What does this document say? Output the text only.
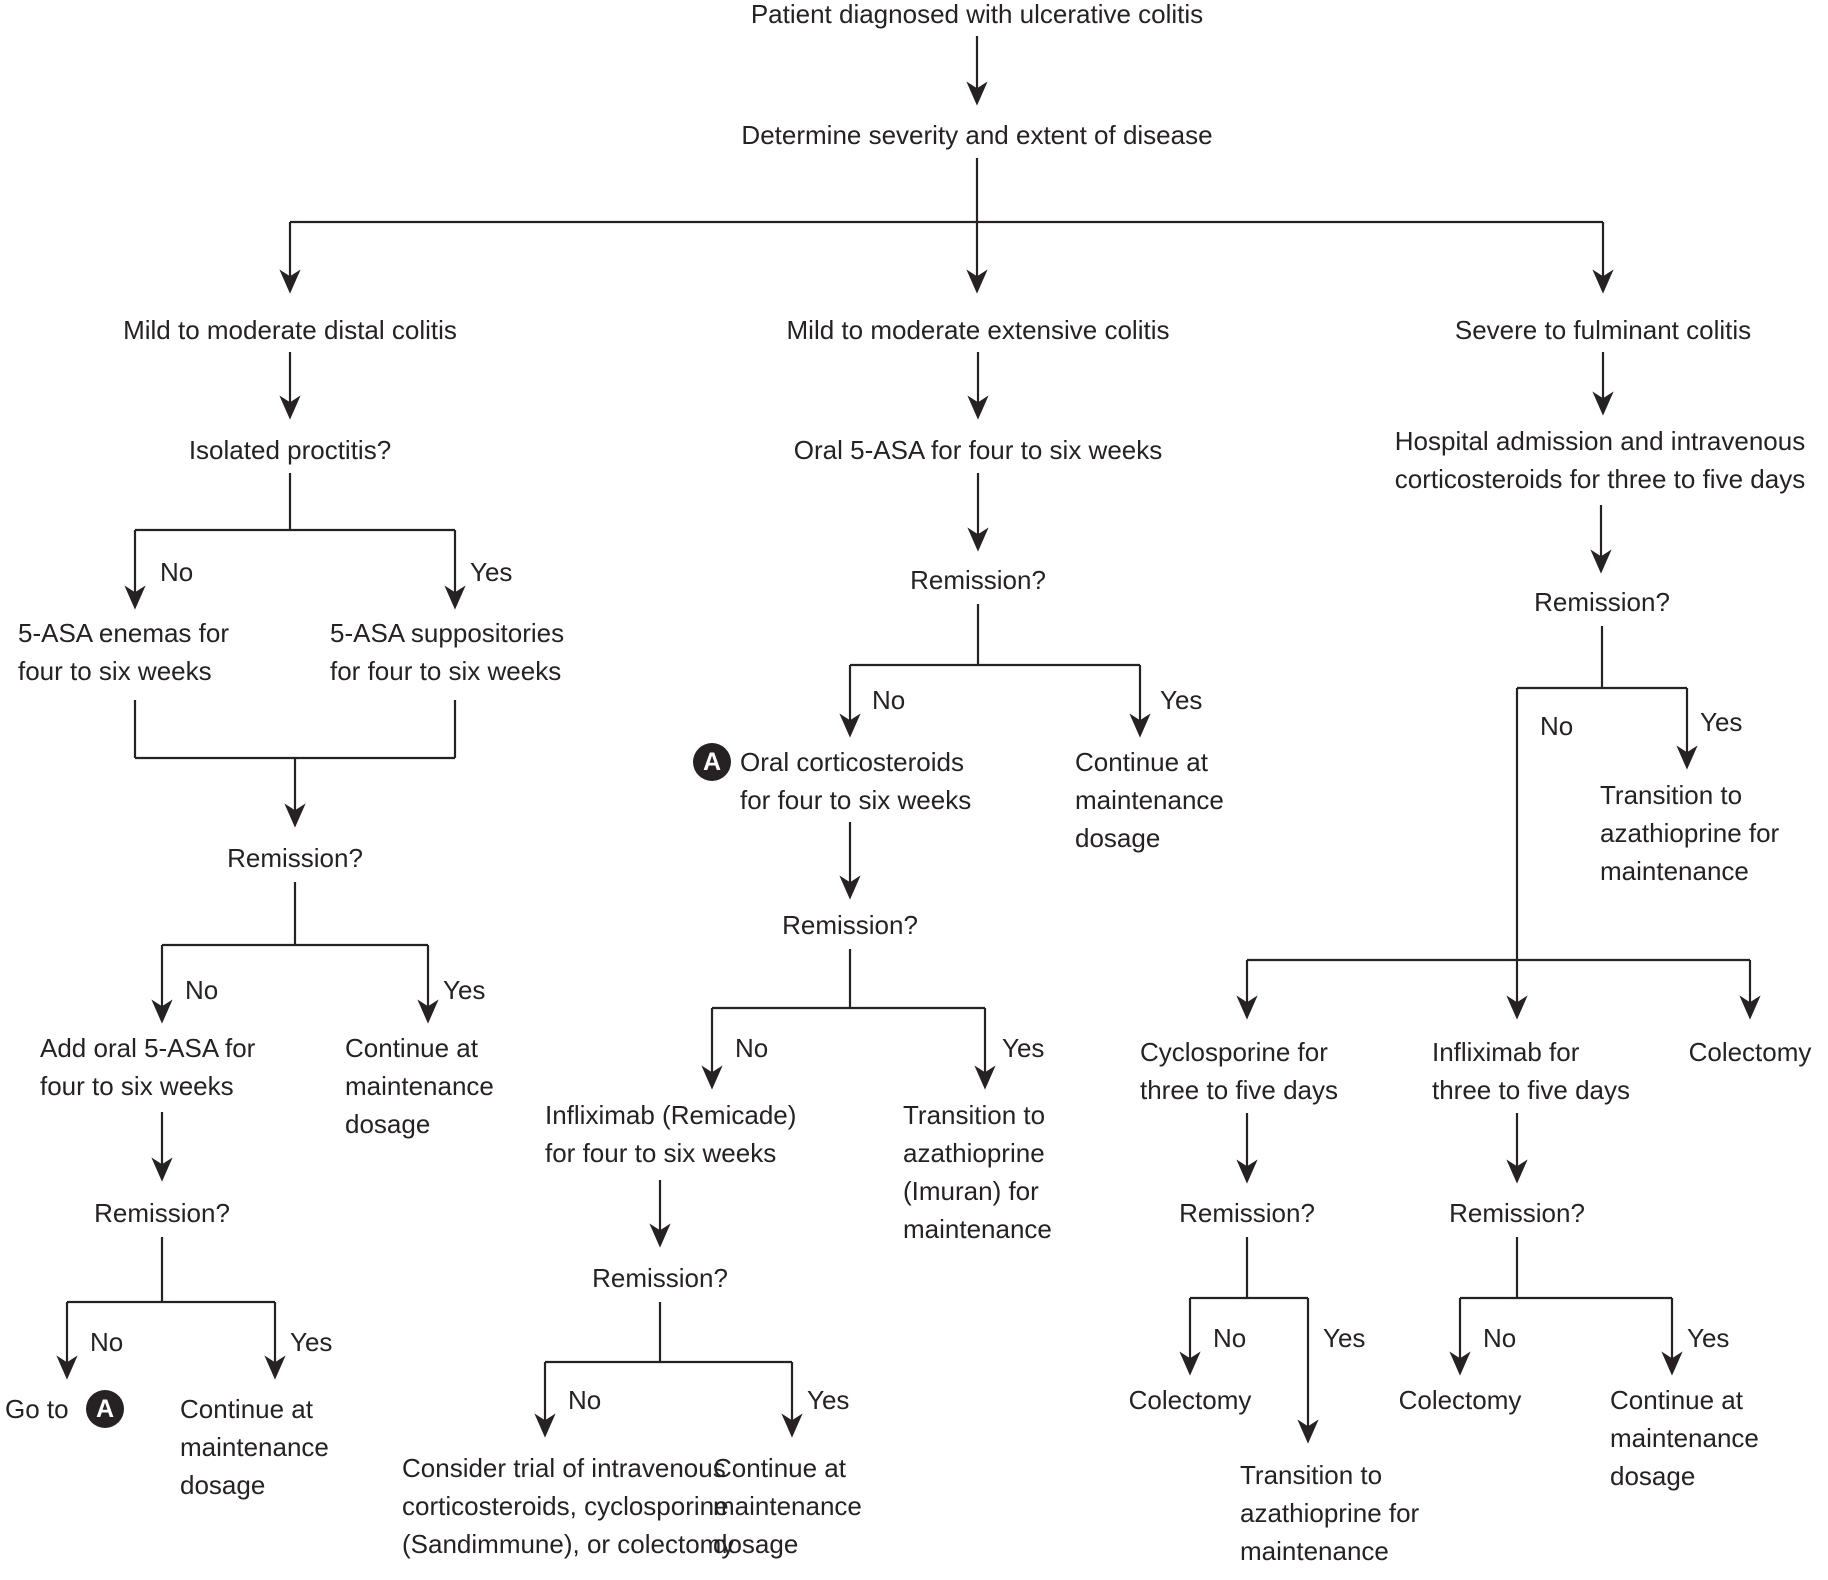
Patient diagnosed with ulcerative colitis
Determine severity and extent of disease
Mild to moderate distal colitis	Mild to moderate extensive colitis	Severe to fulminant colitis
Isolated proctitis?
No	Yes
5-ASA enemas for
four to six weeks
5-ASA suppositories
for four to six weeks
Remission?
No	Yes
Add oral 5-ASA for
four to six weeks
Continue at
maintenance
dosage
Remission?
No	Yes
Go to	A	Continue at
maintenance
dosage
Oral 5-ASA for four to six weeks
Remission?
No	Yes
A Oral corticosteroids
for four to six weeks
Continue at
maintenance
dosage
Remission?
No	Yes
Infliximab (Remicade)
for four to six weeks
Transition to
azathioprine
(Imuran) for
maintenance
Remission?
No	Yes
Consider trial of intravenous
corticosteroids, cyclosporine
(Sandimmune), or colectomy
Continue at
maintenance
dosage
Hospital admission and intravenous
corticosteroids for three to five days
Remission?
No	Yes
Transition to
azathioprine for
maintenance
Cyclosporine for
three to five days
Infliximab for
three to five days
Colectomy
Remission?	Remission?
No	Yes	No	Yes
Colectomy	Colectomy	Continue at
maintenance
dosage
Transition to
azathioprine for
maintenance
